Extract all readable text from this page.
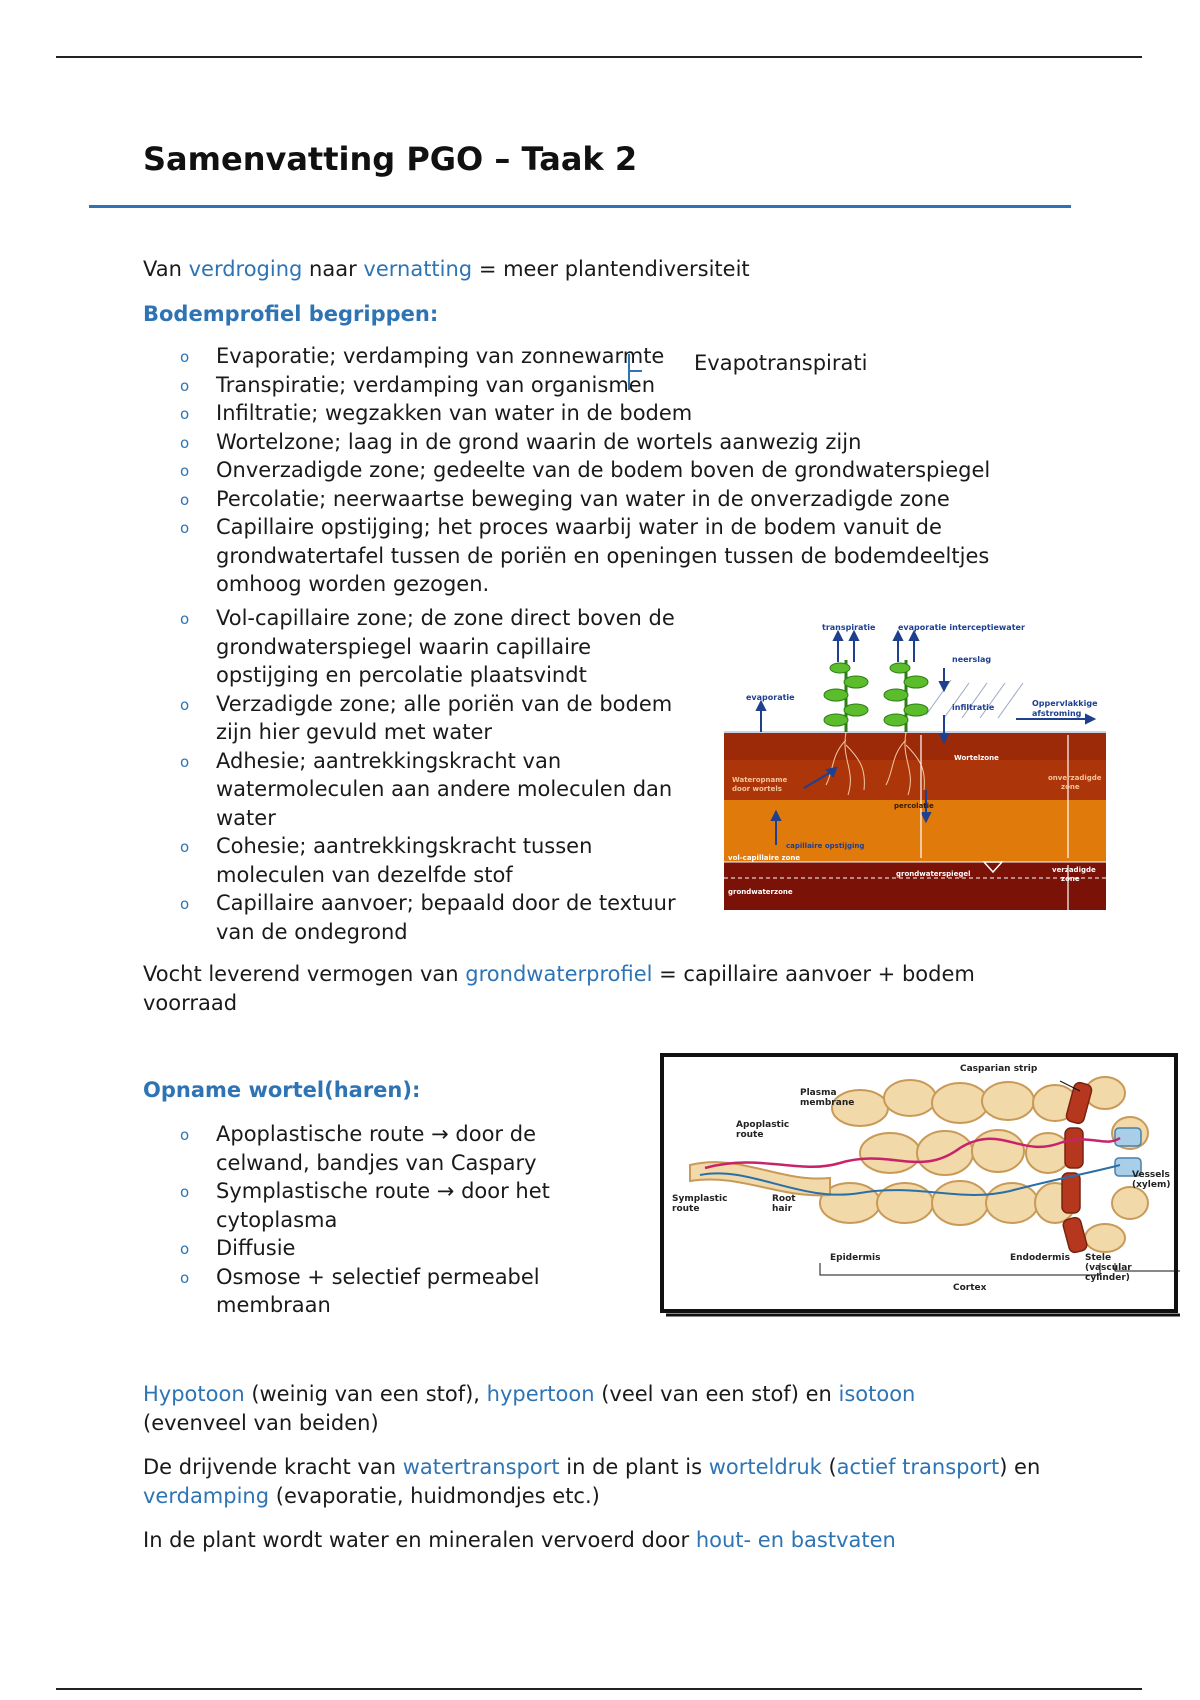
Samenvatting PGO – Taak 2

Van verdroging naar vernatting = meer plantendiversiteit

Bodemprofiel begrippen:
o Evaporatie; verdamping van zonnewarmte
o Transpiratie; verdamping van organismen
o Infiltratie; wegzakken van water in de bodem
o Wortelzone; laag in de grond waarin de wortels aanwezig zijn
o Onverzadigde zone; gedeelte van de bodem boven de grondwaterspiegel
o Percolatie; neerwaartse beweging van water in de onverzadigde zone
o Capillaire opstijging; het proces waarbij water in de bodem vanuit de grondwatertafel tussen de poriën en openingen tussen de bodemdeeltjes omhoog worden gezogen.
Evapotranspirati
o Vol-capillaire zone; de zone direct boven de grondwaterspiegel waarin capillaire opstijging en percolatie plaatsvindt
o Verzadigde zone; alle poriën van de bodem zijn hier gevuld met water
o Adhesie; aantrekkingskracht van watermoleculen aan andere moleculen dan water
o Cohesie; aantrekkingskracht tussen moleculen van dezelfde stof
o Capillaire aanvoer; bepaald door de textuur van de ondegrond
transpiratie	evaporatie interceptiewater
neerslag
evaporatie
infiltratie	Oppervlakkige
afstroming
Wateropname
door wortels
Wortelzone
onverzadigde
zone
percolatie
capillaire opstijging
vol-capillaire zone
grondwaterspiegel	verzadigde
zone
grondwaterzone

Vocht leverend vermogen van grondwaterprofiel = capillaire aanvoer + bodem voorraad

Opname wortel(haren):
o Apoplastische route → door de celwand, bandjes van Caspary
o Symplastische route → door het cytoplasma
o Diffusie
o Osmose + selectief permeabel membraan
Casparian strip
Plasma
membrane
Apoplastic
route
Symplastic
route
Root
hair
Vessels
(xylem)
Epidermis	Endodermis Stele
(vascular
cylinder)
Cortex

Hypotoon (weinig van een stof), hypertoon (veel van een stof) en isotoon (evenveel van beiden)

De drijvende kracht van watertransport in de plant is worteldruk (actief transport) en verdamping (evaporatie, huidmondjes etc.)

In de plant wordt water en mineralen vervoerd door hout- en bastvaten
